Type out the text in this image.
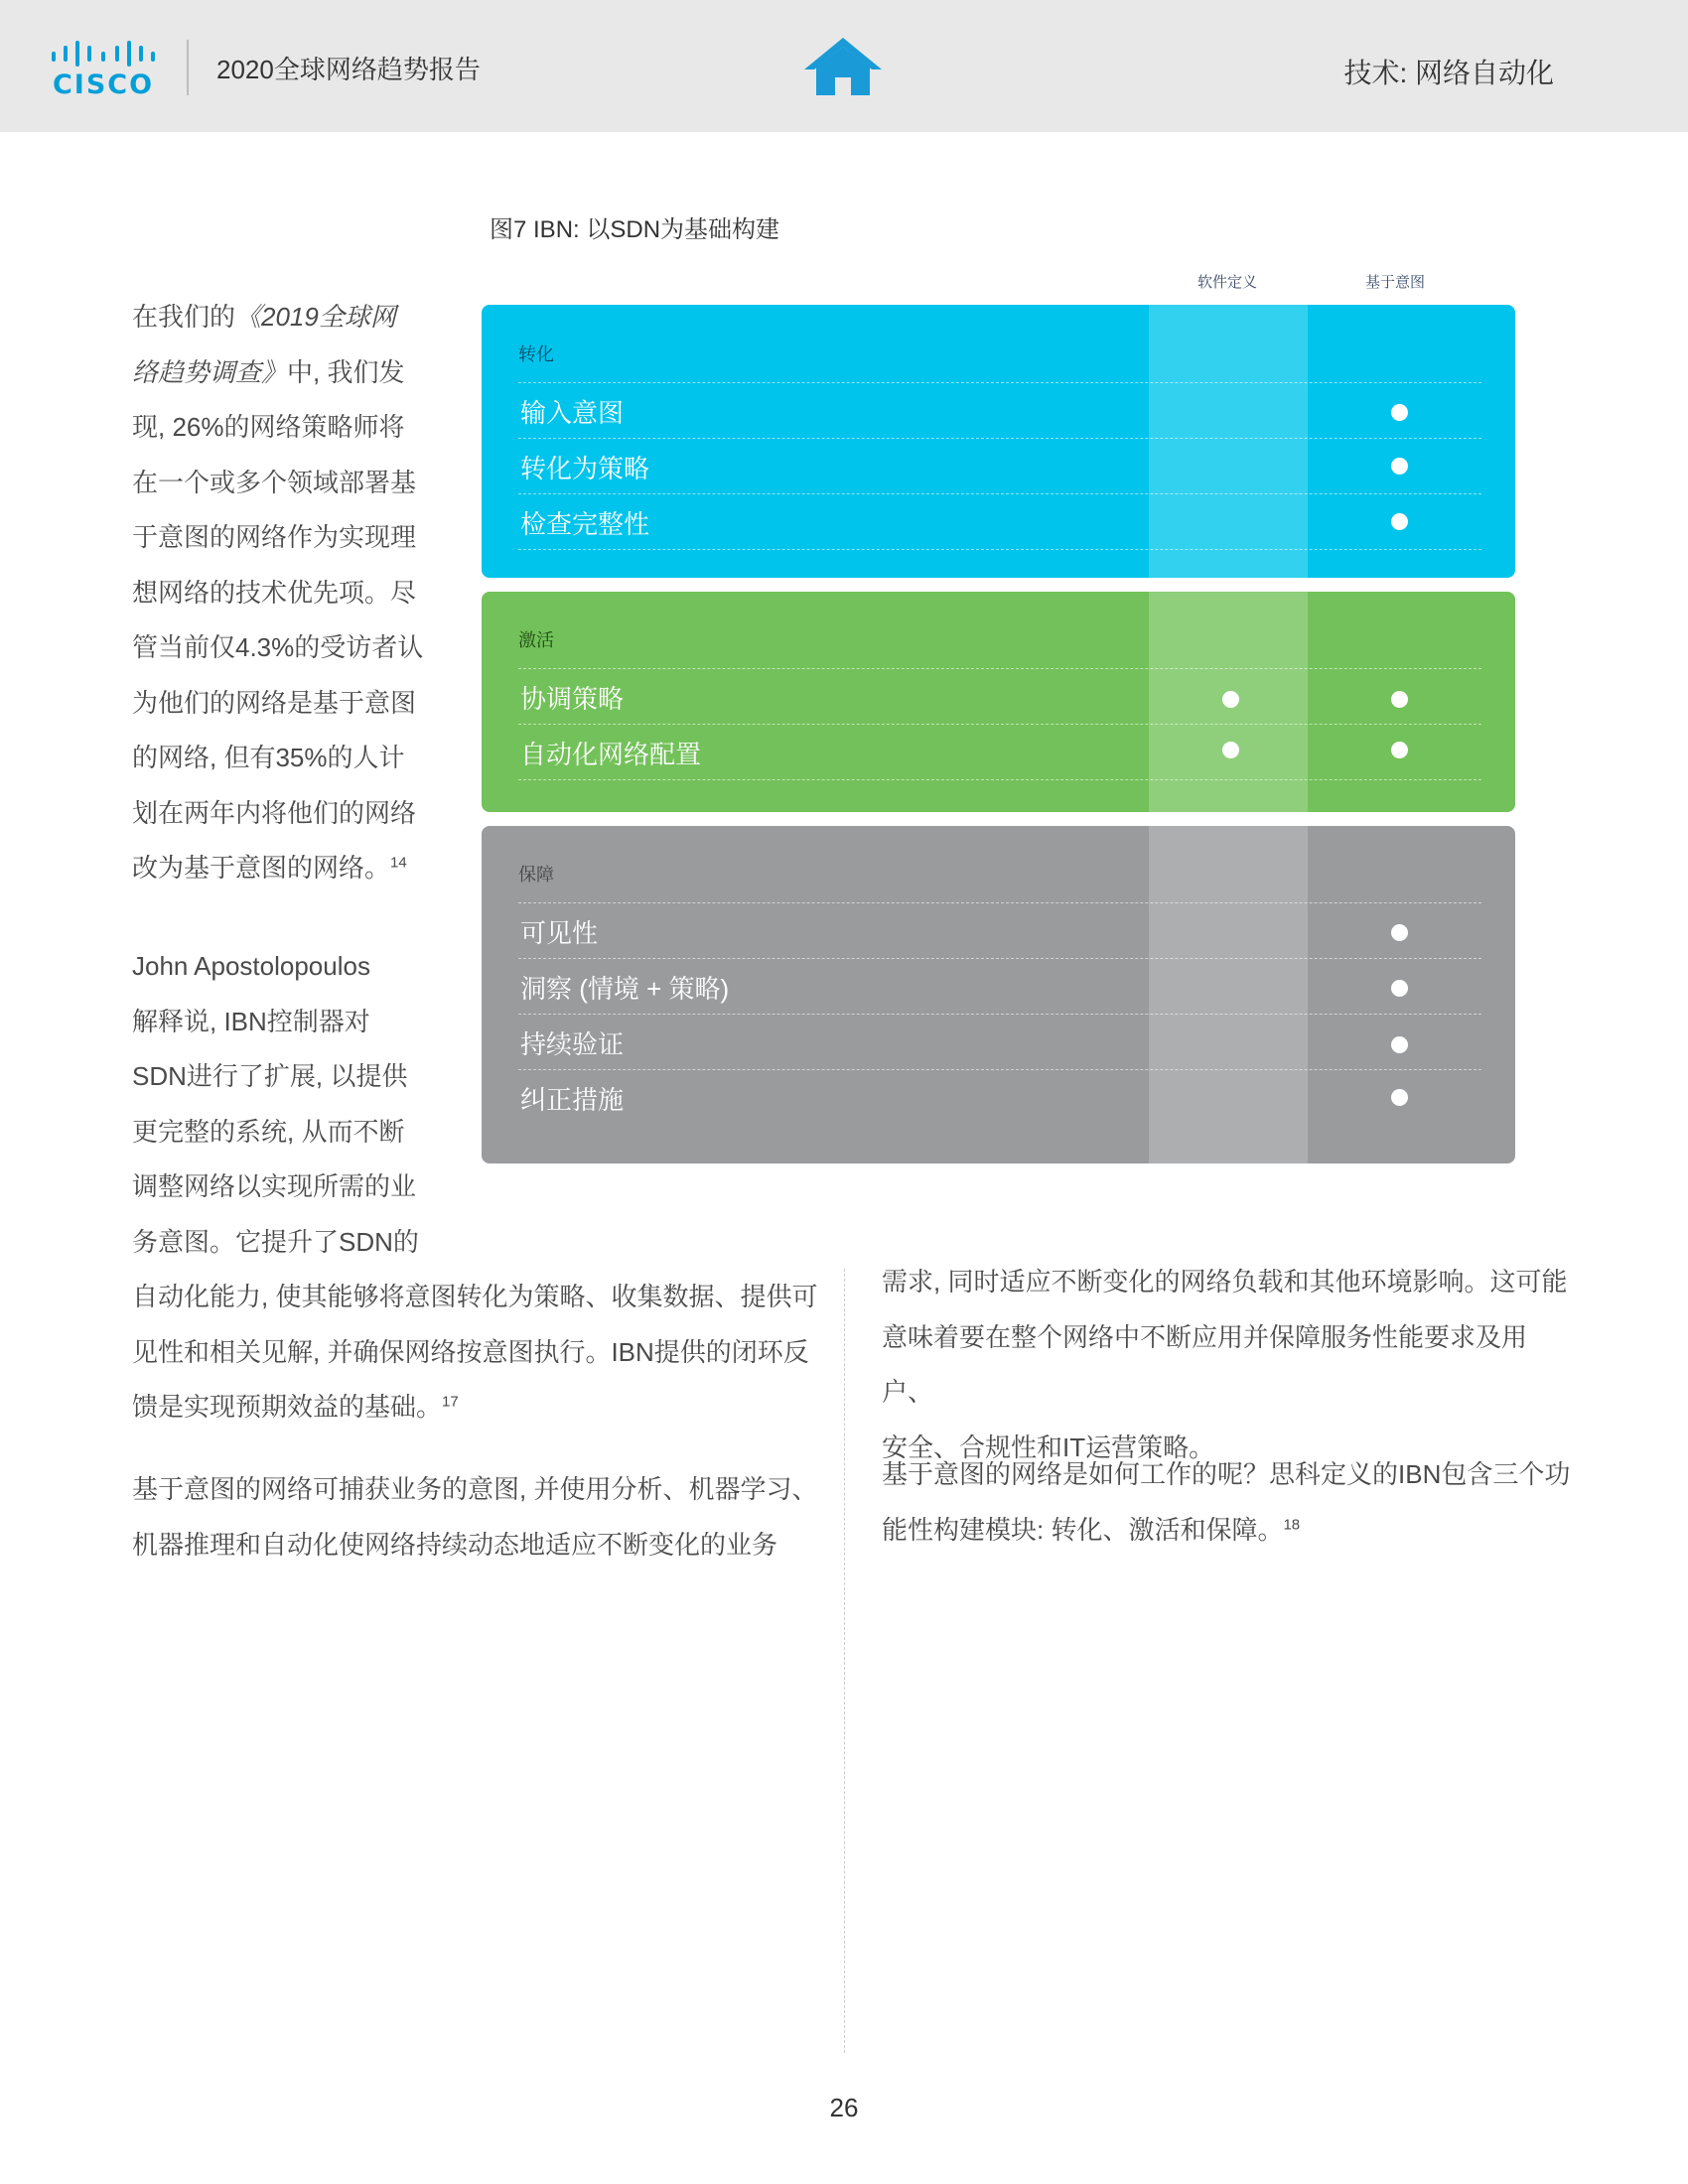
CISCO 2020全球网络趋势报告	技术: 网络自动化
图7 IBN: 以SDN为基础构建
软件定义	基于意图
转化
输入意图
转化为策略
检查完整性
激活
协调策略
自动化网络配置
保障
可见性
洞察 (情境 + 策略)
持续验证
纠正措施
在我们的《2019全球网
络趋势调查》中, 我们发
现, 26%的网络策略师将
在一个或多个领域部署基
于意图的网络作为实现理
想网络的技术优先项。尽
管当前仅4.3%的受访者认
为他们的网络是基于意图
的网络, 但有35%的人计
划在两年内将他们的网络
改为基于意图的网络。$^{14}$
John Apostolopoulos
解释说, IBN控制器对
SDN进行了扩展, 以提供
更完整的系统, 从而不断
调整网络以实现所需的业
务意图。它提升了SDN的
自动化能力, 使其能够将意图转化为策略、收集数据、提供可
见性和相关见解, 并确保网络按意图执行。IBN提供的闭环反
馈是实现预期效益的基础。$^{17}$
基于意图的网络可捕获业务的意图, 并使用分析、机器学习、
机器推理和自动化使网络持续动态地适应不断变化的业务
需求, 同时适应不断变化的网络负载和其他环境影响。这可能
意味着要在整个网络中不断应用并保障服务性能要求及用户、
安全、合规性和IT运营策略。
基于意图的网络是如何工作的呢？思科定义的IBN包含三个功
能性构建模块: 转化、激活和保障。$^{18}$
26
